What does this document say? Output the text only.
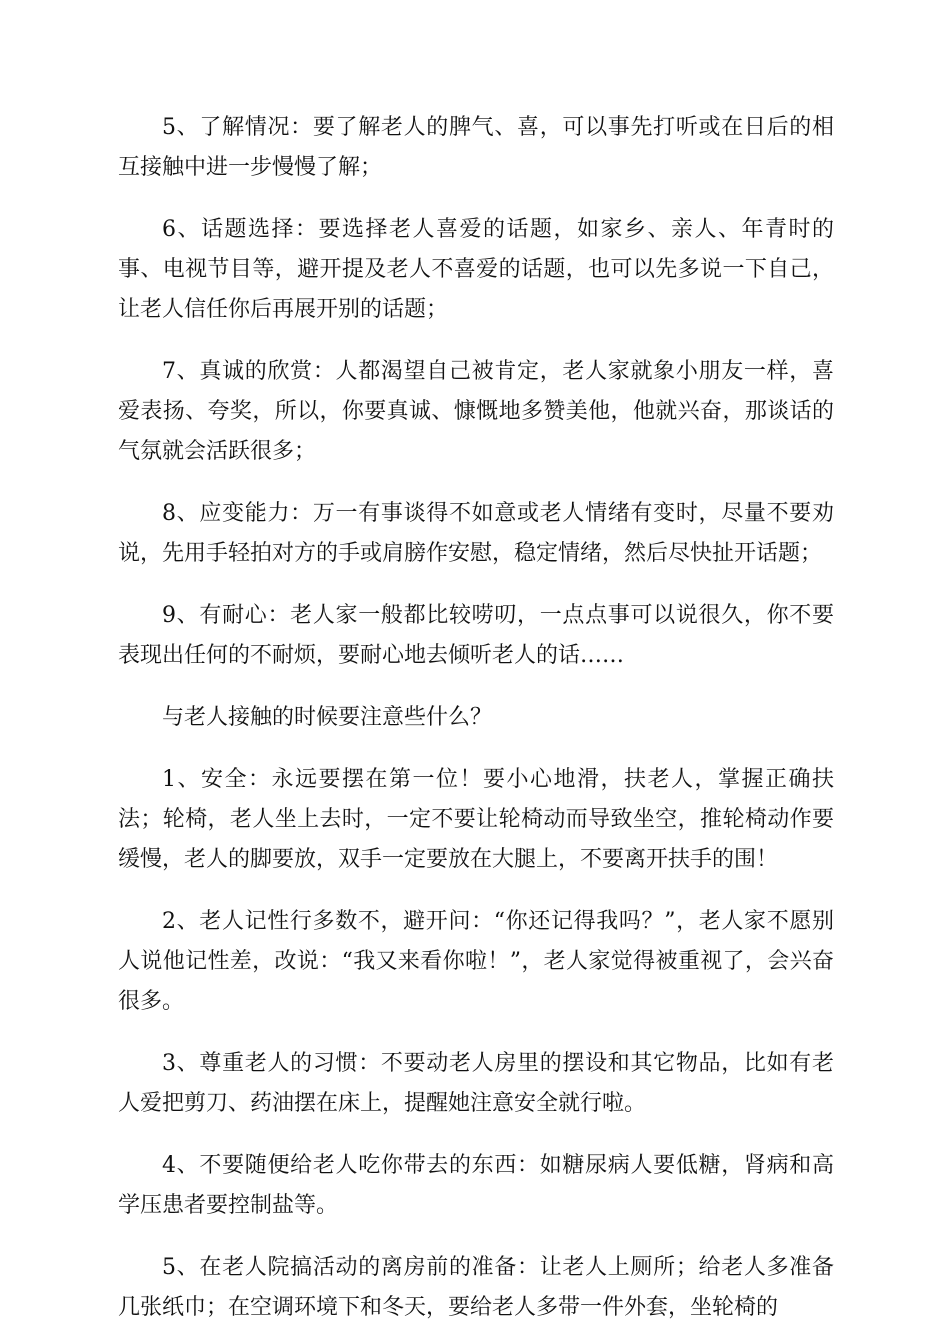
5、了解情况：要了解老人的脾气、喜，可以事先打听或在日后的相互接触中进一步慢慢了解；

6、话题选择：要选择老人喜爱的话题，如家乡、亲人、年青时的事、电视节目等，避开提及老人不喜爱的话题，也可以先多说一下自己，让老人信任你后再展开别的话题；

7、真诚的欣赏：人都渴望自己被肯定，老人家就象小朋友一样，喜爱表扬、夸奖，所以，你要真诚、慷慨地多赞美他，他就兴奋，那谈话的气氛就会活跃很多；

8、应变能力：万一有事谈得不如意或老人情绪有变时，尽量不要劝说，先用手轻拍对方的手或肩膀作安慰，稳定情绪，然后尽快扯开话题；

9、有耐心：老人家一般都比较唠叨，一点点事可以说很久，你不要表现出任何的不耐烦，要耐心地去倾听老人的话……

与老人接触的时候要注意些什么？

1、安全：永远要摆在第一位！要小心地滑，扶老人，掌握正确扶法；轮椅，老人坐上去时，一定不要让轮椅动而导致坐空，推轮椅动作要缓慢，老人的脚要放，双手一定要放在大腿上，不要离开扶手的围！

2、老人记性行多数不，避开问：“你还记得我吗？”，老人家不愿别人说他记性差，改说：“我又来看你啦！”，老人家觉得被重视了，会兴奋很多。

3、尊重老人的习惯：不要动老人房里的摆设和其它物品，比如有老人爱把剪刀、药油摆在床上，提醒她注意安全就行啦。

4、不要随便给老人吃你带去的东西：如糖尿病人要低糖，肾病和高学压患者要控制盐等。

5、在老人院搞活动的离房前的准备：让老人上厕所；给老人多准备几张纸巾；在空调环境下和冬天，要给老人多带一件外套，坐轮椅的
